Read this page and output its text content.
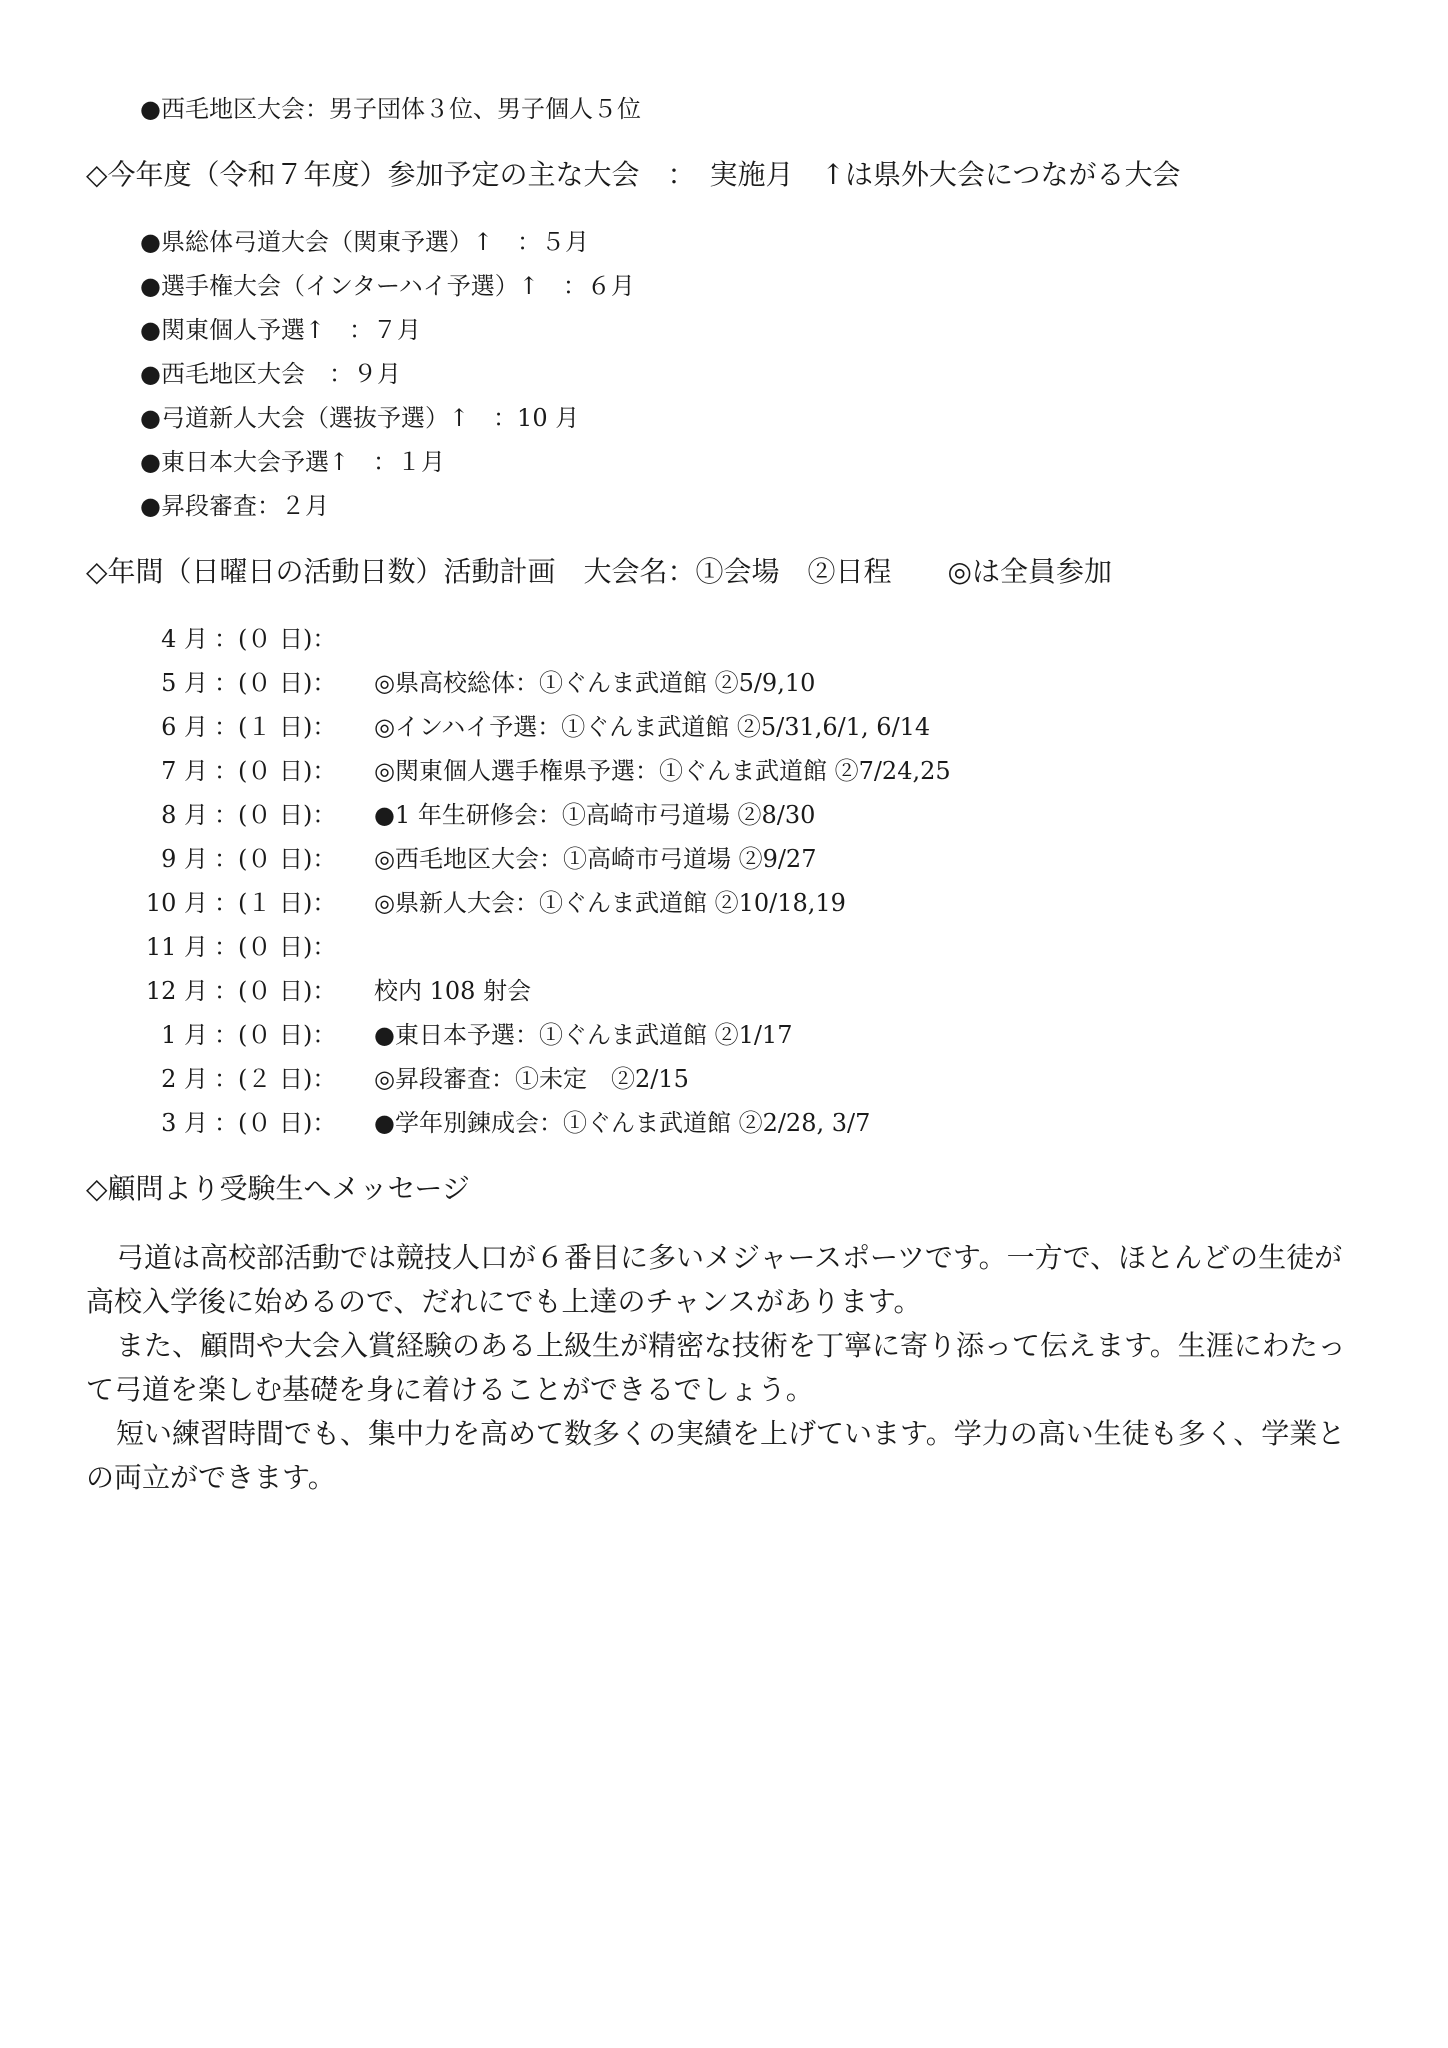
●西毛地区大会：男子団体３位、男子個人５位
◇今年度（令和７年度）参加予定の主な大会　：　実施月　↑は県外大会につながる大会
●県総体弓道大会（関東予選）↑　：５月
●選手権大会（インターハイ予選）↑　：６月
●関東個人予選↑　：７月
●西毛地区大会　：９月
●弓道新人大会（選抜予選）↑　：10 月
●東日本大会予選↑　：１月
●昇段審査：２月
◇年間（日曜日の活動日数）活動計画　大会名：①会場　②日程　　◎は全員参加
4 月 ：(０ 日)：
5 月 ：(０ 日)： ◎県高校総体：①ぐんま武道館 ②5/9,10
6 月 ：(１ 日)： ◎インハイ予選：①ぐんま武道館 ②5/31,6/1, 6/14
7 月 ：(０ 日)： ◎関東個人選手権県予選：①ぐんま武道館 ②7/24,25
8 月 ：(０ 日)： ●1 年生研修会：①高崎市弓道場 ②8/30
9 月 ：(０ 日)： ◎西毛地区大会：①高崎市弓道場 ②9/27
10 月 ：(１ 日)： ◎県新人大会：①ぐんま武道館 ②10/18,19
11 月 ：(０ 日)：
12 月 ：(０ 日)： 校内 108 射会
1 月 ：(０ 日)： ●東日本予選：①ぐんま武道館 ②1/17
2 月 ：(２ 日)： ◎昇段審査：①未定　②2/15
3 月 ：(０ 日)： ●学年別錬成会：①ぐんま武道館 ②2/28, 3/7
◇顧問より受験生へメッセージ

弓道は高校部活動では競技人口が６番目に多いメジャースポーツです。一方で、ほとんどの生徒が高校入学後に始めるので、だれにでも上達のチャンスがあります。

また、顧問や大会入賞経験のある上級生が精密な技術を丁寧に寄り添って伝えます。生涯にわたって弓道を楽しむ基礎を身に着けることができるでしょう。

短い練習時間でも、集中力を高めて数多くの実績を上げています。学力の高い生徒も多く、学業との両立ができます。
